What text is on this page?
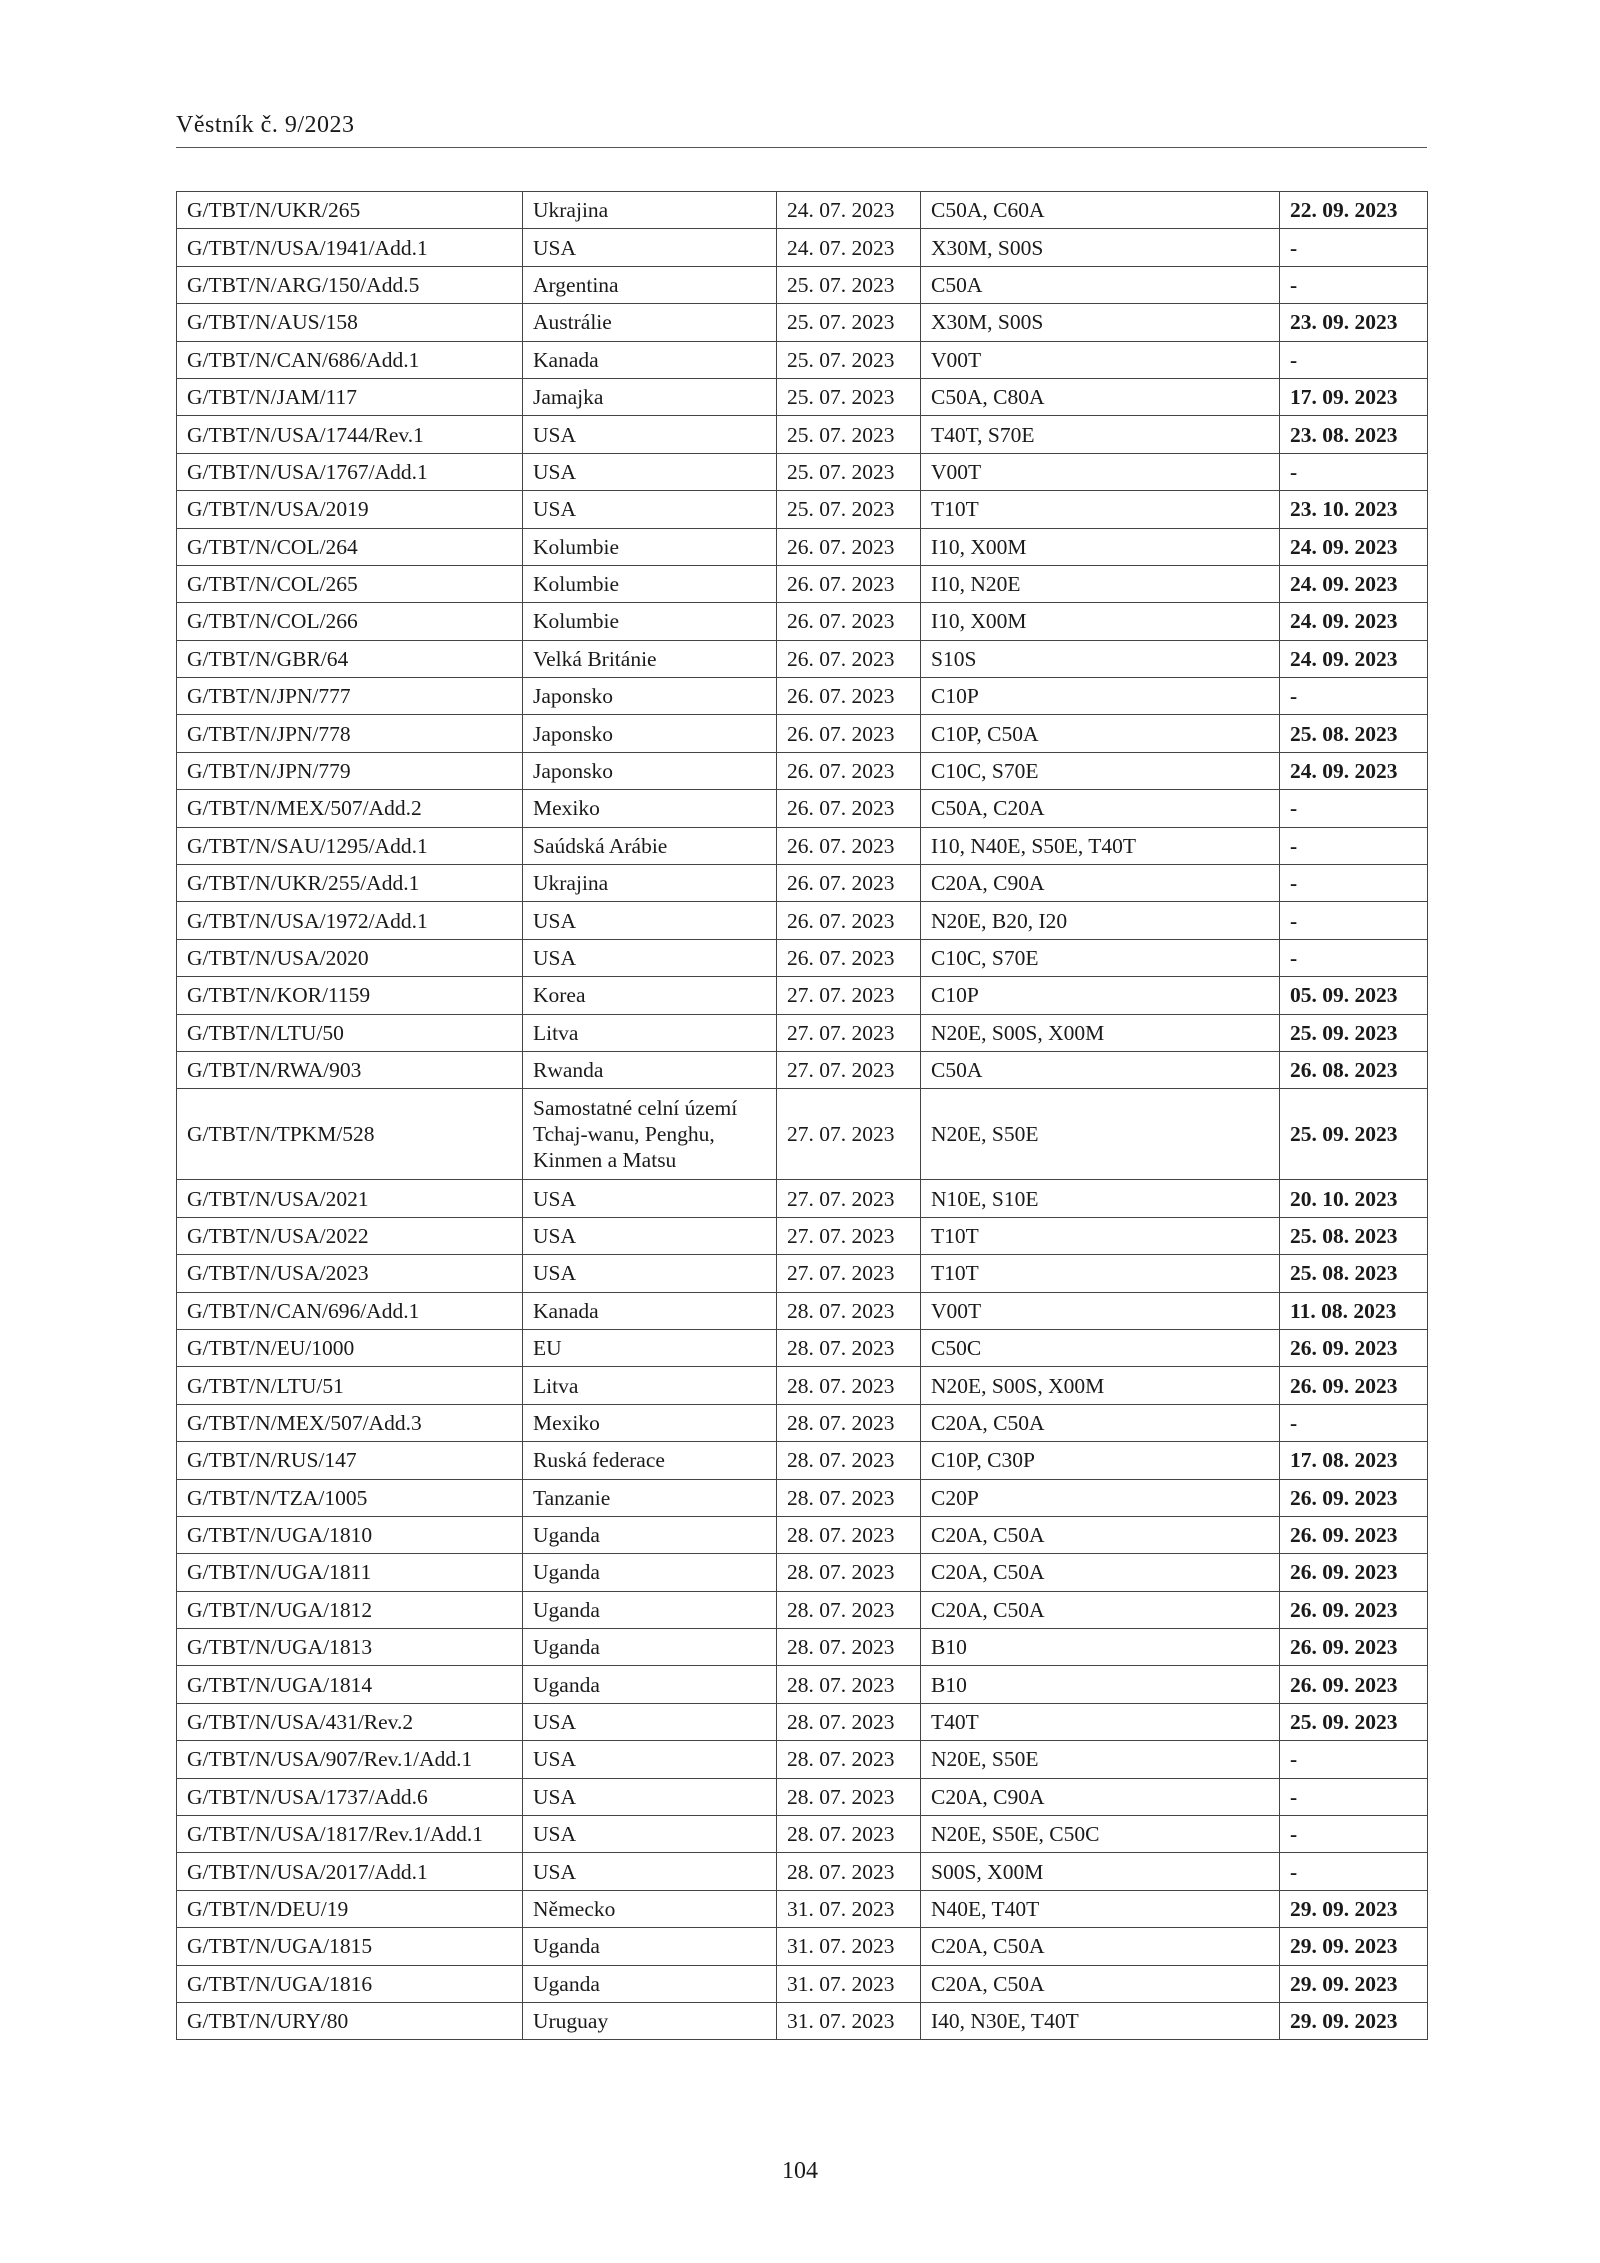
Věstník č. 9/2023
G/TBT/N/UKR/265	Ukrajina	24. 07. 2023	C50A, C60A	22. 09. 2023
G/TBT/N/USA/1941/Add.1	USA	24. 07. 2023	X30M, S00S	-
G/TBT/N/ARG/150/Add.5	Argentina	25. 07. 2023	C50A	-
G/TBT/N/AUS/158	Austrálie	25. 07. 2023	X30M, S00S	23. 09. 2023
G/TBT/N/CAN/686/Add.1	Kanada	25. 07. 2023	V00T	-
G/TBT/N/JAM/117	Jamajka	25. 07. 2023	C50A, C80A	17. 09. 2023
G/TBT/N/USA/1744/Rev.1	USA	25. 07. 2023	T40T, S70E	23. 08. 2023
G/TBT/N/USA/1767/Add.1	USA	25. 07. 2023	V00T	-
G/TBT/N/USA/2019	USA	25. 07. 2023	T10T	23. 10. 2023
G/TBT/N/COL/264	Kolumbie	26. 07. 2023	I10, X00M	24. 09. 2023
G/TBT/N/COL/265	Kolumbie	26. 07. 2023	I10, N20E	24. 09. 2023
G/TBT/N/COL/266	Kolumbie	26. 07. 2023	I10, X00M	24. 09. 2023
G/TBT/N/GBR/64	Velká Británie	26. 07. 2023	S10S	24. 09. 2023
G/TBT/N/JPN/777	Japonsko	26. 07. 2023	C10P	-
G/TBT/N/JPN/778	Japonsko	26. 07. 2023	C10P, C50A	25. 08. 2023
G/TBT/N/JPN/779	Japonsko	26. 07. 2023	C10C, S70E	24. 09. 2023
G/TBT/N/MEX/507/Add.2	Mexiko	26. 07. 2023	C50A, C20A	-
G/TBT/N/SAU/1295/Add.1	Saúdská Arábie	26. 07. 2023	I10, N40E, S50E, T40T	-
G/TBT/N/UKR/255/Add.1	Ukrajina	26. 07. 2023	C20A, C90A	-
G/TBT/N/USA/1972/Add.1	USA	26. 07. 2023	N20E, B20, I20	-
G/TBT/N/USA/2020	USA	26. 07. 2023	C10C, S70E	-
G/TBT/N/KOR/1159	Korea	27. 07. 2023	C10P	05. 09. 2023
G/TBT/N/LTU/50	Litva	27. 07. 2023	N20E, S00S, X00M	25. 09. 2023
G/TBT/N/RWA/903	Rwanda	27. 07. 2023	C50A	26. 08. 2023
G/TBT/N/TPKM/528	Samostatné celní území Tchaj-wanu, Penghu, Kinmen a Matsu	27. 07. 2023	N20E, S50E	25. 09. 2023
G/TBT/N/USA/2021	USA	27. 07. 2023	N10E, S10E	20. 10. 2023
G/TBT/N/USA/2022	USA	27. 07. 2023	T10T	25. 08. 2023
G/TBT/N/USA/2023	USA	27. 07. 2023	T10T	25. 08. 2023
G/TBT/N/CAN/696/Add.1	Kanada	28. 07. 2023	V00T	11. 08. 2023
G/TBT/N/EU/1000	EU	28. 07. 2023	C50C	26. 09. 2023
G/TBT/N/LTU/51	Litva	28. 07. 2023	N20E, S00S, X00M	26. 09. 2023
G/TBT/N/MEX/507/Add.3	Mexiko	28. 07. 2023	C20A, C50A	-
G/TBT/N/RUS/147	Ruská federace	28. 07. 2023	C10P, C30P	17. 08. 2023
G/TBT/N/TZA/1005	Tanzanie	28. 07. 2023	C20P	26. 09. 2023
G/TBT/N/UGA/1810	Uganda	28. 07. 2023	C20A, C50A	26. 09. 2023
G/TBT/N/UGA/1811	Uganda	28. 07. 2023	C20A, C50A	26. 09. 2023
G/TBT/N/UGA/1812	Uganda	28. 07. 2023	C20A, C50A	26. 09. 2023
G/TBT/N/UGA/1813	Uganda	28. 07. 2023	B10	26. 09. 2023
G/TBT/N/UGA/1814	Uganda	28. 07. 2023	B10	26. 09. 2023
G/TBT/N/USA/431/Rev.2	USA	28. 07. 2023	T40T	25. 09. 2023
G/TBT/N/USA/907/Rev.1/Add.1	USA	28. 07. 2023	N20E, S50E	-
G/TBT/N/USA/1737/Add.6	USA	28. 07. 2023	C20A, C90A	-
G/TBT/N/USA/1817/Rev.1/Add.1	USA	28. 07. 2023	N20E, S50E, C50C	-
G/TBT/N/USA/2017/Add.1	USA	28. 07. 2023	S00S, X00M	-
G/TBT/N/DEU/19	Německo	31. 07. 2023	N40E, T40T	29. 09. 2023
G/TBT/N/UGA/1815	Uganda	31. 07. 2023	C20A, C50A	29. 09. 2023
G/TBT/N/UGA/1816	Uganda	31. 07. 2023	C20A, C50A	29. 09. 2023
G/TBT/N/URY/80	Uruguay	31. 07. 2023	I40, N30E, T40T	29. 09. 2023
104
